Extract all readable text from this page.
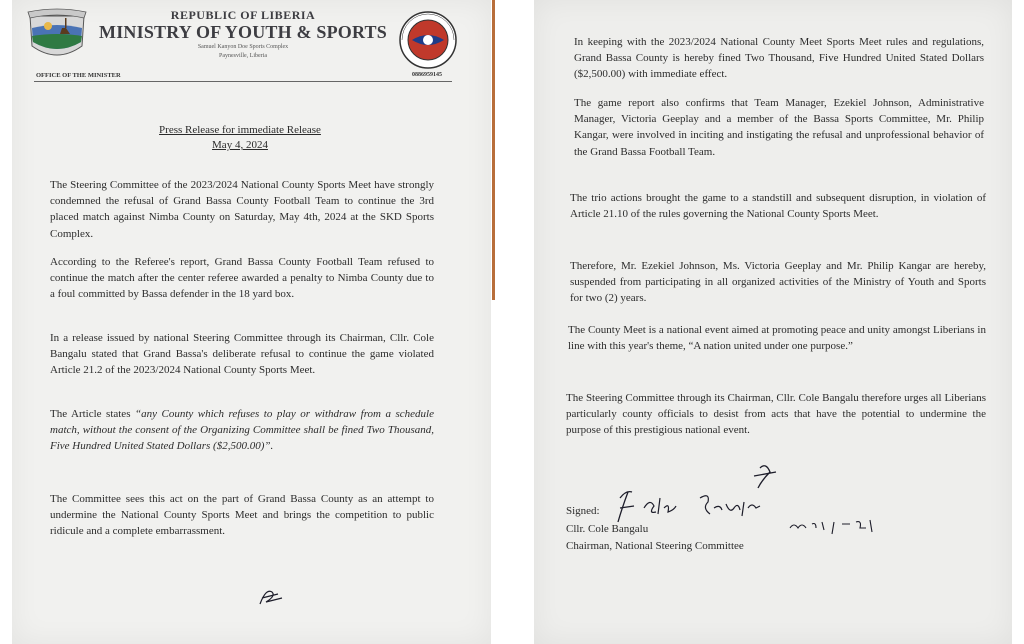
REPUBLIC OF LIBERIA
MINISTRY OF YOUTH & SPORTS
Samuel Kanyon Doe Sports Complex
Paynesville, Liberia
OFFICE OF THE MINISTER	0886959145
Press Release for immediate Release
May 4, 2024

The Steering Committee of the 2023/2024 National County Sports Meet have strongly condemned the refusal of Grand Bassa County Football Team to continue the 3rd placed match against Nimba County on Saturday, May 4th, 2024 at the SKD Sports Complex.

According to the Referee's report, Grand Bassa County Football Team refused to continue the match after the center referee awarded a penalty to Nimba County due to a foul committed by Bassa defender in the 18 yard box.

In a release issued by national Steering Committee through its Chairman, Cllr. Cole Bangalu stated that Grand Bassa's deliberate refusal to continue the game violated Article 21.2 of the 2023/2024 National County Sports Meet.

The Article states “any County which refuses to play or withdraw from a schedule match, without the consent of the Organizing Committee shall be fined Two Thousand, Five Hundred United Stated Dollars ($2,500.00)”.

The Committee sees this act on the part of Grand Bassa County as an attempt to undermine the National County Sports Meet and brings the competition to public ridicule and a complete embarrassment.

In keeping with the 2023/2024 National County Meet Sports Meet rules and regulations, Grand Bassa County is hereby fined Two Thousand, Five Hundred United Stated Dollars ($2,500.00) with immediate effect.

The game report also confirms that Team Manager, Ezekiel Johnson, Administrative Manager, Victoria Geeplay and a member of the Bassa Sports Committee, Mr. Philip Kangar, were involved in inciting and instigating the refusal and unprofessional behavior of the Grand Bassa Football Team.

The trio actions brought the game to a standstill and subsequent disruption, in violation of Article 21.10 of the rules governing the National County Sports Meet.

Therefore, Mr. Ezekiel Johnson, Ms. Victoria Geeplay and Mr. Philip Kangar are hereby, suspended from participating in all organized activities of the Ministry of Youth and Sports for two (2) years.

The County Meet is a national event aimed at promoting peace and unity amongst Liberians in line with this year's theme, “A nation united under one purpose.”

The Steering Committee through its Chairman, Cllr. Cole Bangalu therefore urges all Liberians particularly county officials to desist from acts that have the potential to undermine the purpose of this prestigious national event.

Signed:
Cllr. Cole Bangalu
Chairman, National Steering Committee
